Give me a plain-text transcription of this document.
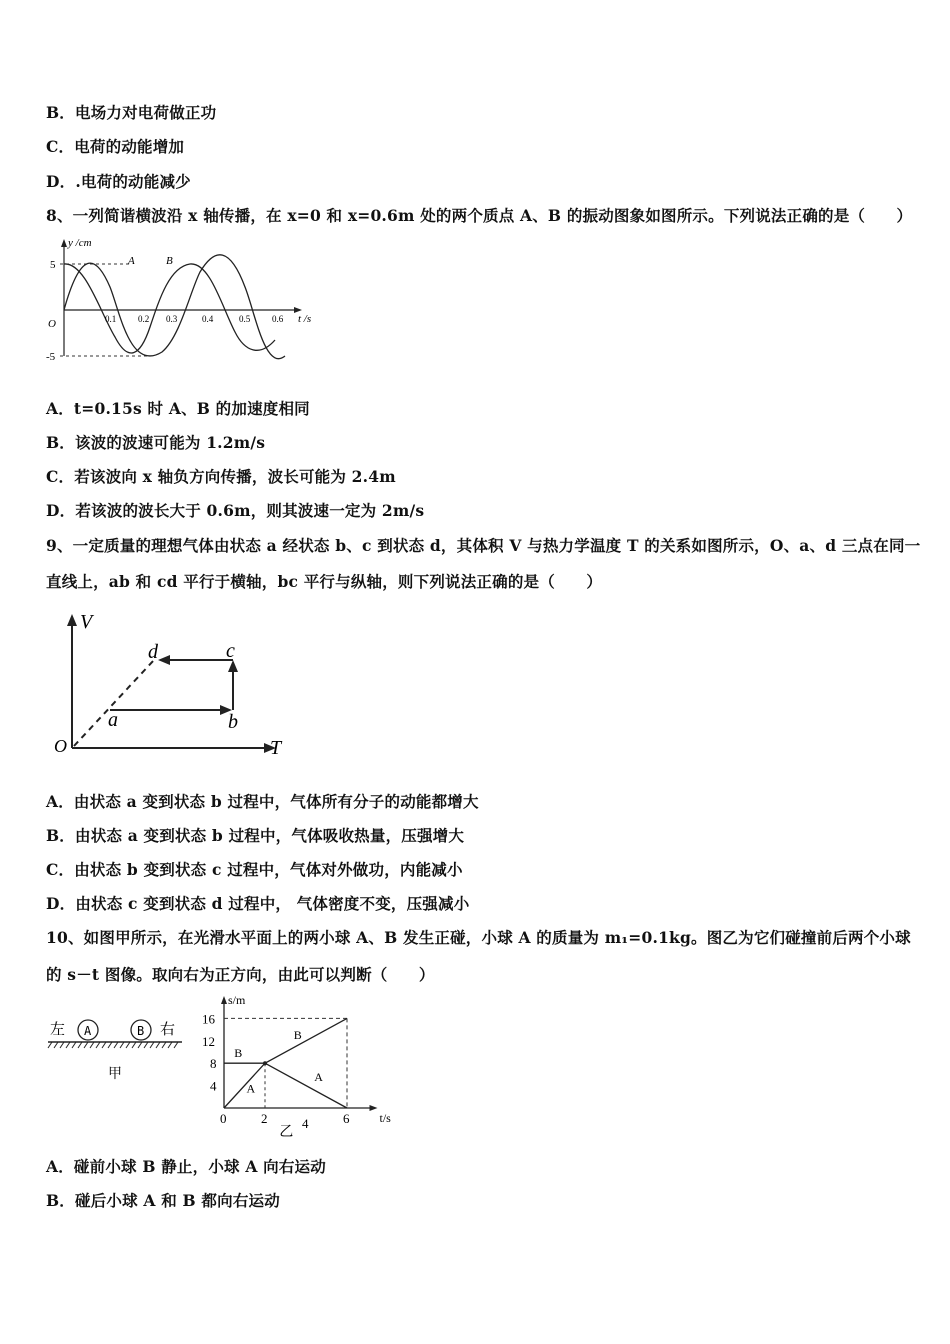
B．电场力对电荷做正功
C．电荷的动能增加
D．.电荷的动能减少
8、一列简谐横波沿 x 轴传播，在 x=0 和 x=0.6m 处的两个质点 A、B 的振动图象如图所示。下列说法正确的是（　　）
y /cm
O
5
-5
A	B
t /s
0.1 0.2 0.3	0.4	0.5 0.6
A．t=0.15s 时 A、B 的加速度相同
B．该波的波速可能为 1.2m/s
C．若该波向 x 轴负方向传播，波长可能为 2.4m
D．若该波的波长大于 0.6m，则其波速一定为 2m/s
9、一定质量的理想气体由状态 a 经状态 b、c 到状态 d，其体积 V 与热力学温度 T 的关系如图所示，O、a、d 三点在同一
直线上，ab 和 cd 平行于横轴，bc 平行与纵轴，则下列说法正确的是（　　）
V
T
O
a	b
c
d
A．由状态 a 变到状态 b 过程中，气体所有分子的动能都增大
B．由状态 a 变到状态 b 过程中，气体吸收热量，压强增大
C．由状态 b 变到状态 c 过程中，气体对外做功，内能减小
D．由状态 c 变到状态 d 过程中， 气体密度不变，压强减小
10、如图甲所示，在光滑水平面上的两小球 A、B 发生正碰，小球 A 的质量为 m₁=0.1kg。图乙为它们碰撞前后两个小球
的 s－t 图像。取向右为正方向，由此可以判断（　　）
左 A	B 右
甲
s/m
t/s
4
8
12
16
0	2	4	6
A
B
B
A
乙
A．碰前小球 B 静止，小球 A 向右运动
B．碰后小球 A 和 B 都向右运动
